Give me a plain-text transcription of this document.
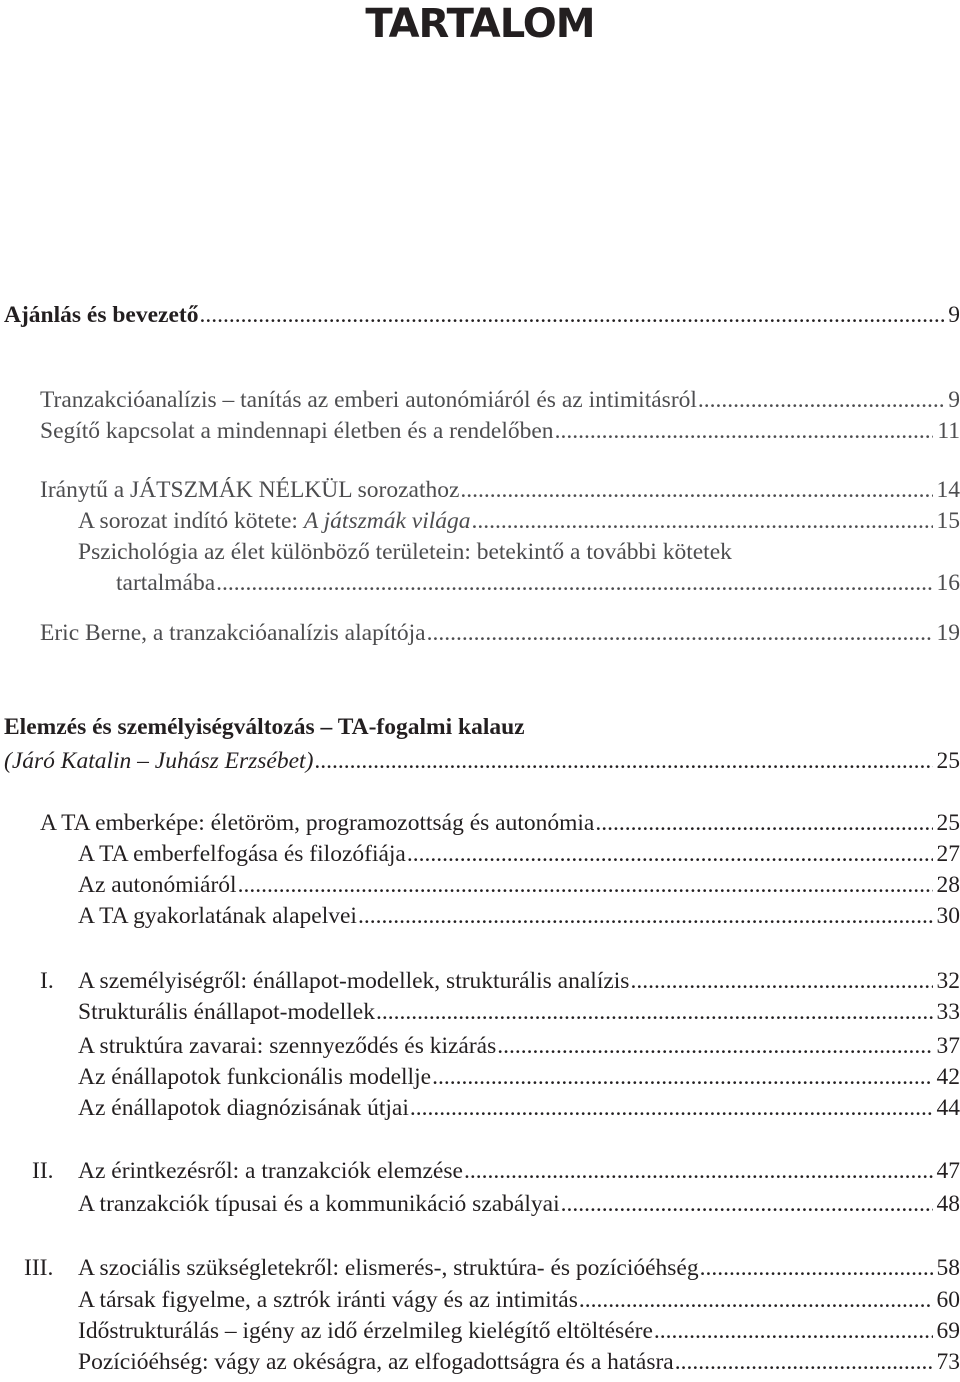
TARTALOM
Ajánlás és bevezető .....	9
Tranzakcióanalízis – tanítás az emberi autonómiáról és az intimitásról .....	9
Segítő kapcsolat a mindennapi életben és a rendelőben .....	11
Iránytű a JÁTSZMÁK NÉLKÜL sorozathoz .....	14
A sorozat indító kötete: A játszmák világa .....	15
Pszichológia az élet különböző területein: betekintő a további kötetek
tartalmába .....	16
Eric Berne, a tranzakcióanalízis alapítója .....	19
Elemzés és személyiségváltozás – TA-fogalmi kalauz
(Járó Katalin – Juhász Erzsébet) .....	25
A TA emberképe: életöröm, programozottság és autonómia .....	25
A TA emberfelfogása és filozófiája .....	27
Az autonómiáról .....	28
A TA gyakorlatának alapelvei .....	30
I. A személyiségről: énállapot-modellek, strukturális analízis .....	32
Strukturális énállapot-modellek .....	33
A struktúra zavarai: szennyeződés és kizárás .....	37
Az énállapotok funkcionális modellje .....	42
Az énállapotok diagnózisának útjai .....	44
II. Az érintkezésről: a tranzakciók elemzése .....	47
A tranzakciók típusai és a kommunikáció szabályai .....	48
III. A szociális szükségletekről: elismerés-, struktúra- és pozícióéhség .....	58
A társak figyelme, a sztrók iránti vágy és az intimitás .....	60
Időstrukturálás – igény az idő érzelmileg kielégítő eltöltésére .....	69
Pozícióéhség: vágy az okéságra, az elfogadottságra és a hatásra .....	73
